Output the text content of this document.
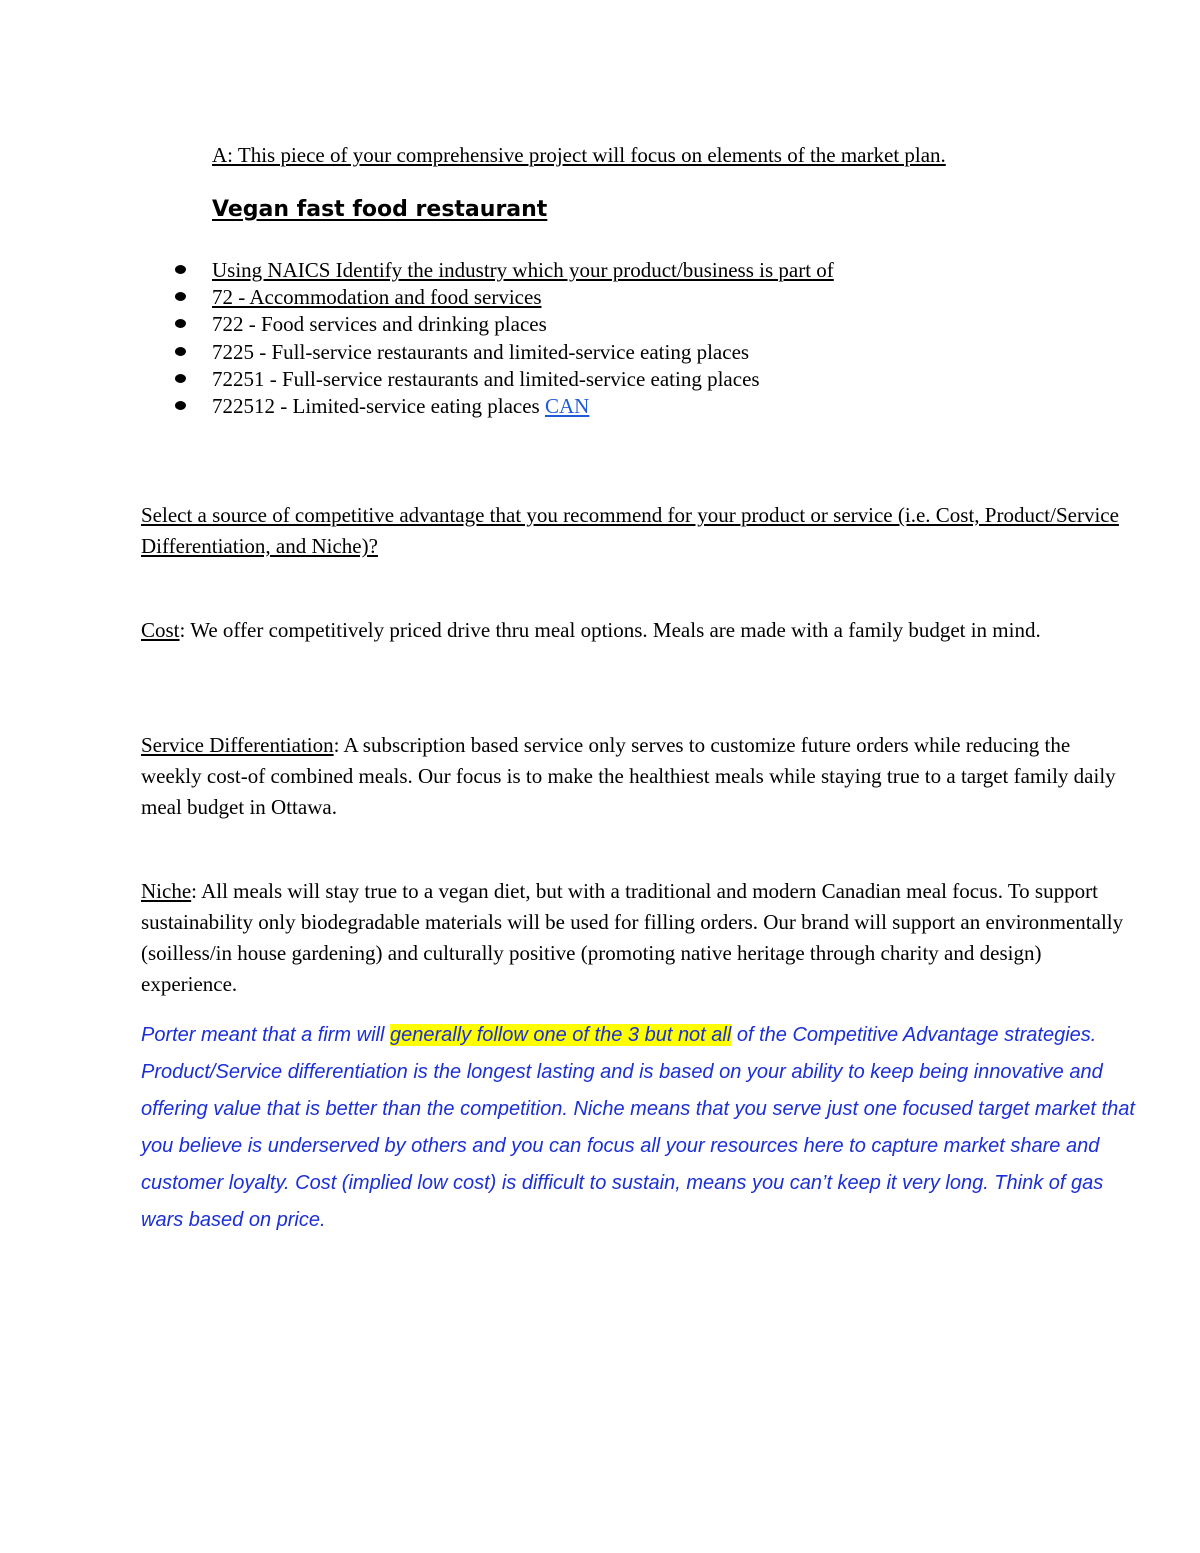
A: This piece of your comprehensive project will focus on elements of the market plan.
Vegan fast food restaurant
Using NAICS Identify the industry which your product/business is part of
72 - Accommodation and food services
722 - Food services and drinking places
7225 - Full-service restaurants and limited-service eating places
72251 - Full-service restaurants and limited-service eating places
722512 - Limited-service eating places CAN

Select a source of competitive advantage that you recommend for your product or service (i.e. Cost, Product/Service Differentiation, and Niche)?

Cost: We offer competitively priced drive thru meal options. Meals are made with a family budget in mind.

Service Differentiation: A subscription based service only serves to customize future orders while reducing the weekly cost-of combined meals. Our focus is to make the healthiest meals while staying true to a target family daily meal budget in Ottawa.

Niche: All meals will stay true to a vegan diet, but with a traditional and modern Canadian meal focus. To support sustainability only biodegradable materials will be used for filling orders. Our brand will support an environmentally (soilless/in house gardening) and culturally positive (promoting native heritage through charity and design) experience.

Porter meant that a firm will generally follow one of the 3 but not all of the Competitive Advantage strategies. Product/Service differentiation is the longest lasting and is based on your ability to keep being innovative and offering value that is better than the competition. Niche means that you serve just one focused target market that you believe is underserved by others and you can focus all your resources here to capture market share and customer loyalty. Cost (implied low cost) is difficult to sustain, means you can’t keep it very long. Think of gas wars based on price.
